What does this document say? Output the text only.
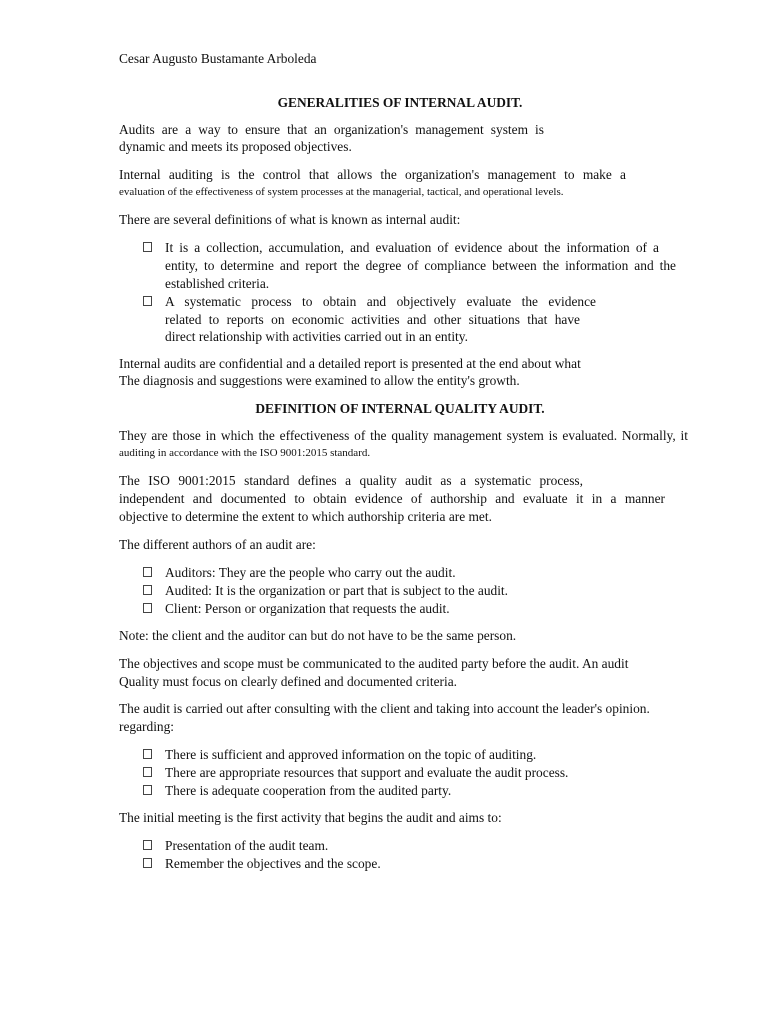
Cesar Augusto Bustamante Arboleda
GENERALITIES OF INTERNAL AUDIT.
Audits are a way to ensure that an organization's management system is
dynamic and meets its proposed objectives.
Internal auditing is the control that allows the organization's management to make a
evaluation of the effectiveness of system processes at the managerial, tactical, and operational levels.
There are several definitions of what is known as internal audit:
It is a collection, accumulation, and evaluation of evidence about the information of a
entity, to determine and report the degree of compliance between the information and the
established criteria.
A systematic process to obtain and objectively evaluate the evidence
related to reports on economic activities and other situations that have
direct relationship with activities carried out in an entity.
Internal audits are confidential and a detailed report is presented at the end about what
The diagnosis and suggestions were examined to allow the entity's growth.
DEFINITION OF INTERNAL QUALITY AUDIT.
They are those in which the effectiveness of the quality management system is evaluated. Normally, it
auditing in accordance with the ISO 9001:2015 standard.
The ISO 9001:2015 standard defines a quality audit as a systematic process,
independent and documented to obtain evidence of authorship and evaluate it in a manner
objective to determine the extent to which authorship criteria are met.
The different authors of an audit are:
Auditors: They are the people who carry out the audit.
Audited: It is the organization or part that is subject to the audit.
Client: Person or organization that requests the audit.
Note: the client and the auditor can but do not have to be the same person.
The objectives and scope must be communicated to the audited party before the audit. An audit
Quality must focus on clearly defined and documented criteria.
The audit is carried out after consulting with the client and taking into account the leader's opinion.
regarding:
There is sufficient and approved information on the topic of auditing.
There are appropriate resources that support and evaluate the audit process.
There is adequate cooperation from the audited party.
The initial meeting is the first activity that begins the audit and aims to:
Presentation of the audit team.
Remember the objectives and the scope.
